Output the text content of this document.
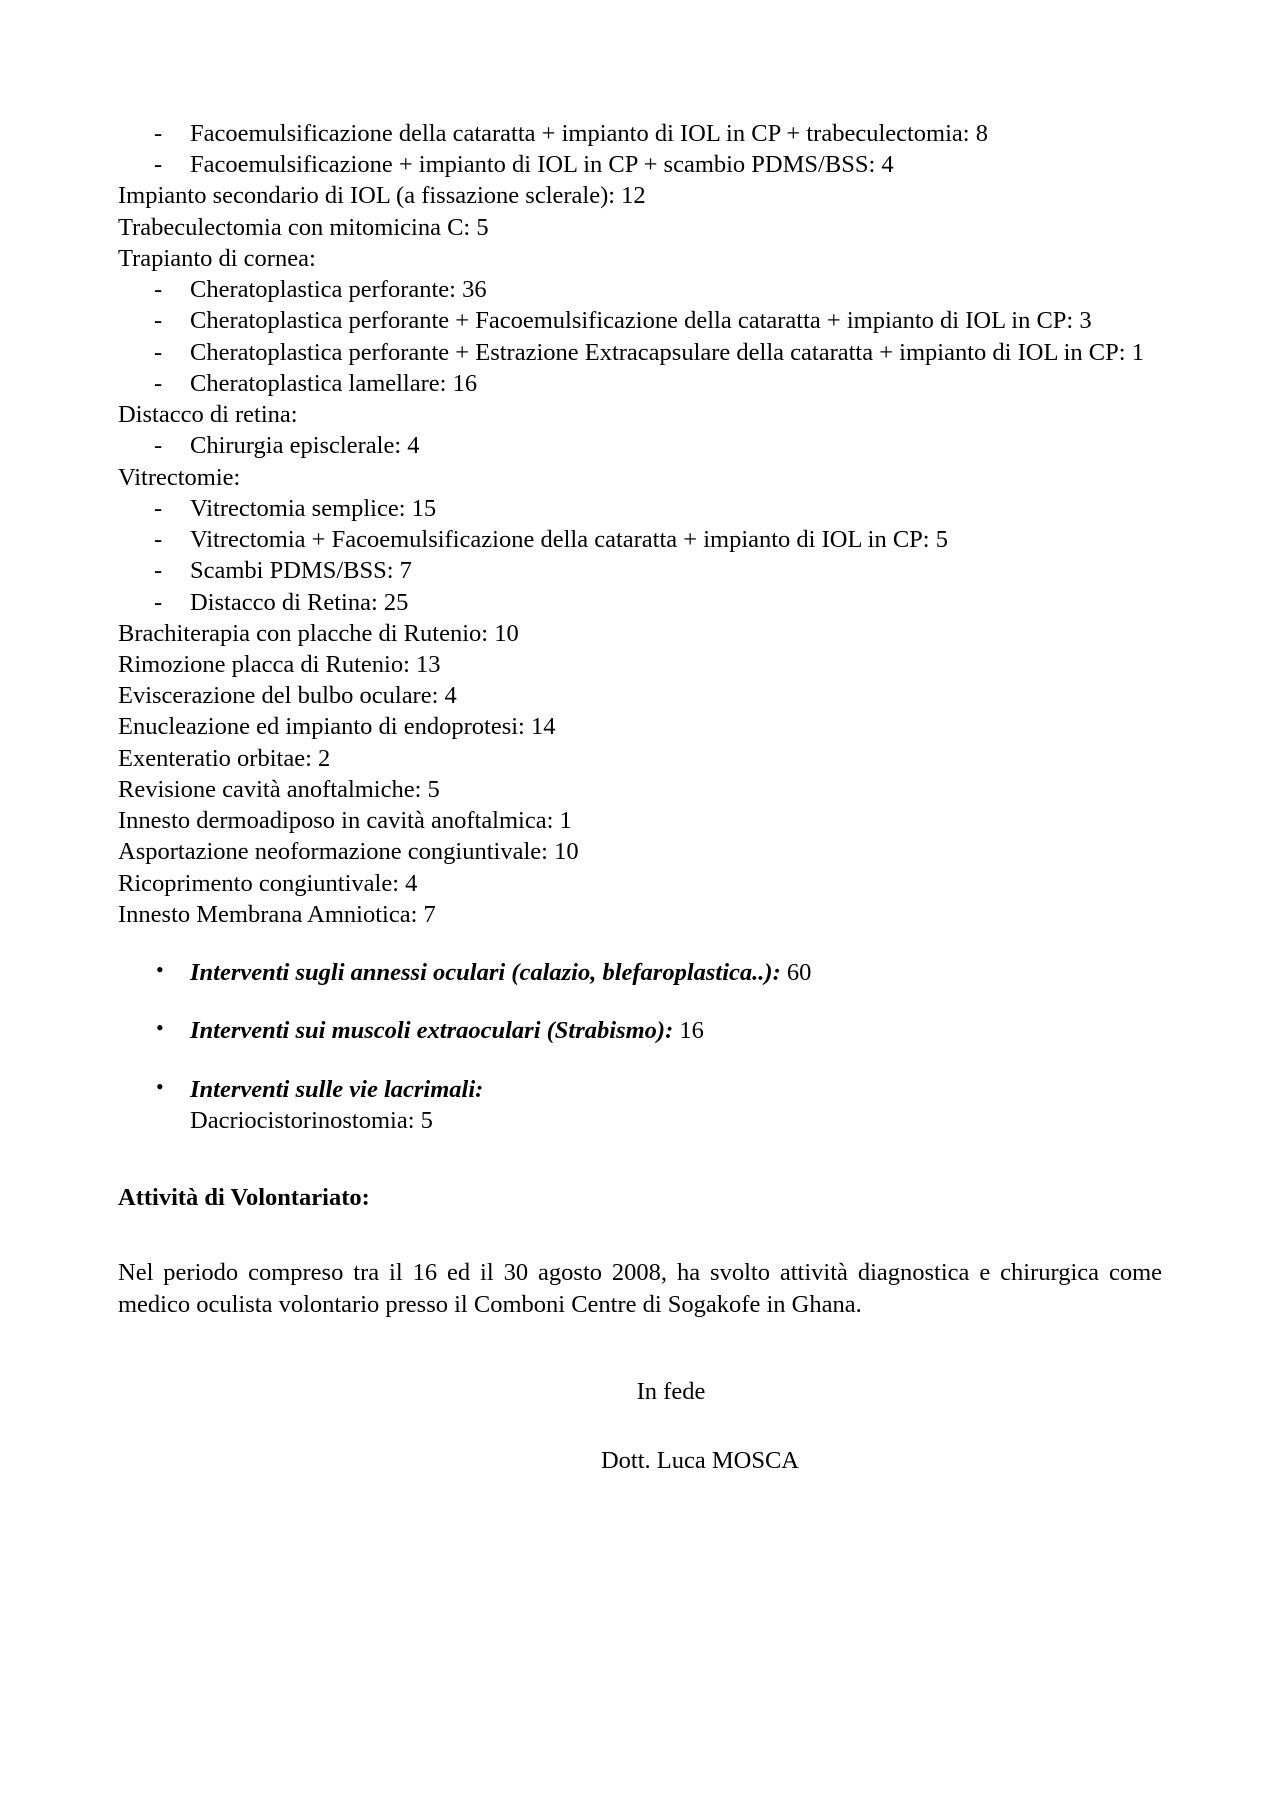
- Facoemulsificazione della cataratta + impianto di IOL in CP + trabeculectomia: 8
- Facoemulsificazione + impianto di IOL in CP + scambio PDMS/BSS: 4
Impianto secondario di IOL (a fissazione sclerale): 12
Trabeculectomia con mitomicina C: 5
Trapianto di cornea:
- Cheratoplastica perforante: 36
- Cheratoplastica perforante + Facoemulsificazione della cataratta + impianto di IOL in CP: 3
- Cheratoplastica perforante + Estrazione Extracapsulare della cataratta + impianto di IOL in CP: 1
- Cheratoplastica lamellare: 16
Distacco di retina:
- Chirurgia episclerale: 4
Vitrectomie:
- Vitrectomia semplice: 15
- Vitrectomia + Facoemulsificazione della cataratta + impianto di IOL in CP: 5
- Scambi PDMS/BSS: 7
- Distacco di Retina: 25
Brachiterapia con placche di Rutenio: 10
Rimozione placca di Rutenio: 13
Eviscerazione del bulbo oculare: 4
Enucleazione ed impianto di endoprotesi: 14
Exenteratio orbitae: 2
Revisione cavità anoftalmiche: 5
Innesto dermoadiposo in cavità anoftalmica: 1
Asportazione neoformazione congiuntivale: 10
Ricoprimento congiuntivale: 4
Innesto Membrana Amniotica: 7
• Interventi sugli annessi oculari (calazio, blefaroplastica..): 60
• Interventi sui muscoli extraoculari (Strabismo): 16
• Interventi sulle vie lacrimali:
Dacriocistorinostomia: 5
Attività di Volontariato:
Nel periodo compreso tra il 16 ed il 30 agosto 2008, ha svolto attività diagnostica e chirurgica come medico oculista volontario presso il Comboni Centre di Sogakofe in Ghana.
In fede
Dott. Luca MOSCA
